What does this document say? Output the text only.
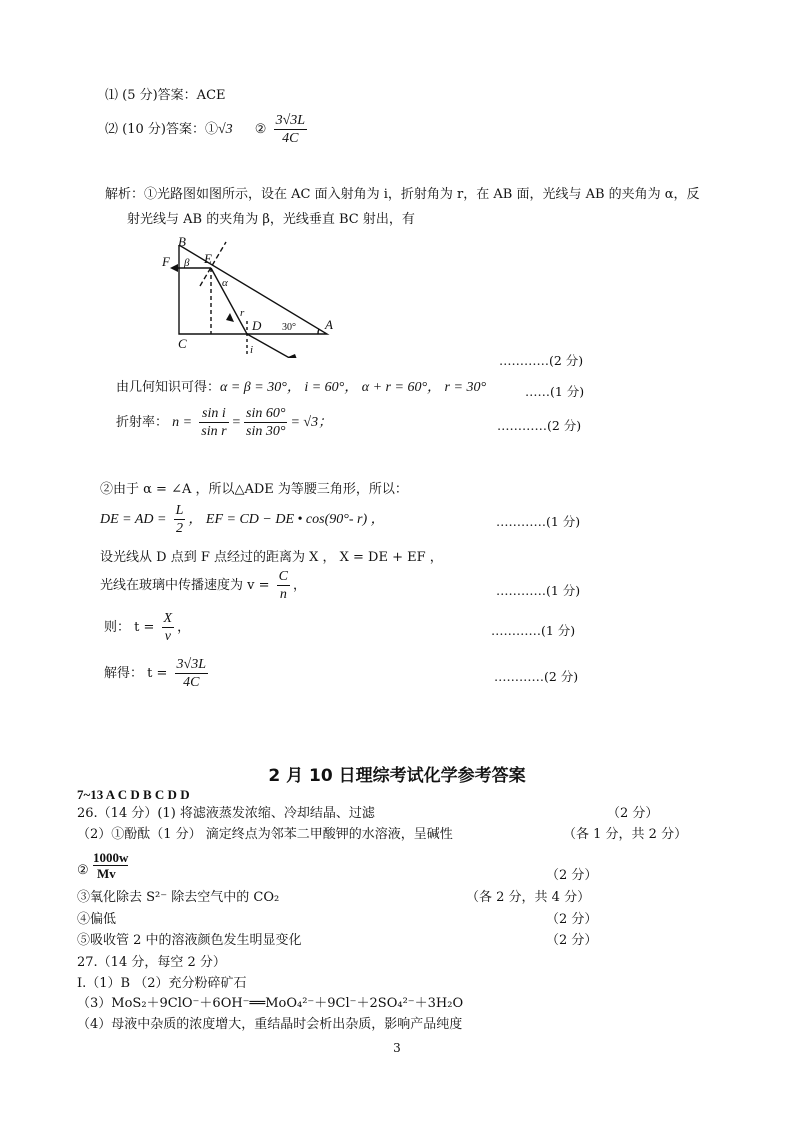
⑴ (5 分)答案：ACE
⑵ (10 分)答案：①√3 ② $\frac{3√3L}{4C}$
解析：①光路图如图所示，设在 AC 面入射角为 i，折射角为 r，在 AB 面，光线与 AB 的夹角为 α，反
射光线与 AB 的夹角为 β，光线垂直 BC 射出，有
B
F	E
β
α
r
D 30° A
C	i
…………(2 分)
由几何知识可得：α = β = 30°， i = 60°， α + r = 60°， r = 30°	……(1 分)
折射率： $n = \frac{\text{sin i}}{\text{sin r}} = \frac{\sin 60^\circ}{\sin 30^\circ} = √3$；	…………(2 分)
②由于 α = ∠A ，所以△ADE 为等腰三角形，所以：
DE = AD = $\frac{L}{2}$ ， EF = CD − DE • cos(90°- r) ，	…………(1 分)
设光线从 D 点到 F 点经过的距离为 X ， X = DE + EF ，
光线在玻璃中传播速度为 $v = \frac{C}{n}$ ，	…………(1 分)
则： $t = \frac{X}{v}$ ，	…………(1 分)
解得： $t = \frac{3√3L}{4C}$	…………(2 分)
2 月 10 日理综考试化学参考答案
7~13 A C D B C D D
26.（14 分）(1) 将滤液蒸发浓缩、冷却结晶、过滤	（2 分）
（2）①酚酞（1 分） 滴定终点为邻苯二甲酸钾的水溶液，呈碱性	（各 1 分，共 2 分）
②
1000w
Mv	（2 分）
③氧化除去 S²⁻ 除去空气中的 CO₂	（各 2 分，共 4 分）
④偏低	（2 分）
⑤吸收管 2 中的溶液颜色发生明显变化	（2 分）
27.（14 分，每空 2 分）
I.（1）B （2）充分粉碎矿石
（3）MoS₂＋9ClO⁻＋6OH⁻══MoO₄²⁻＋9Cl⁻＋2SO₄²⁻＋3H₂O
（4）母液中杂质的浓度增大，重结晶时会析出杂质，影响产品纯度
3
